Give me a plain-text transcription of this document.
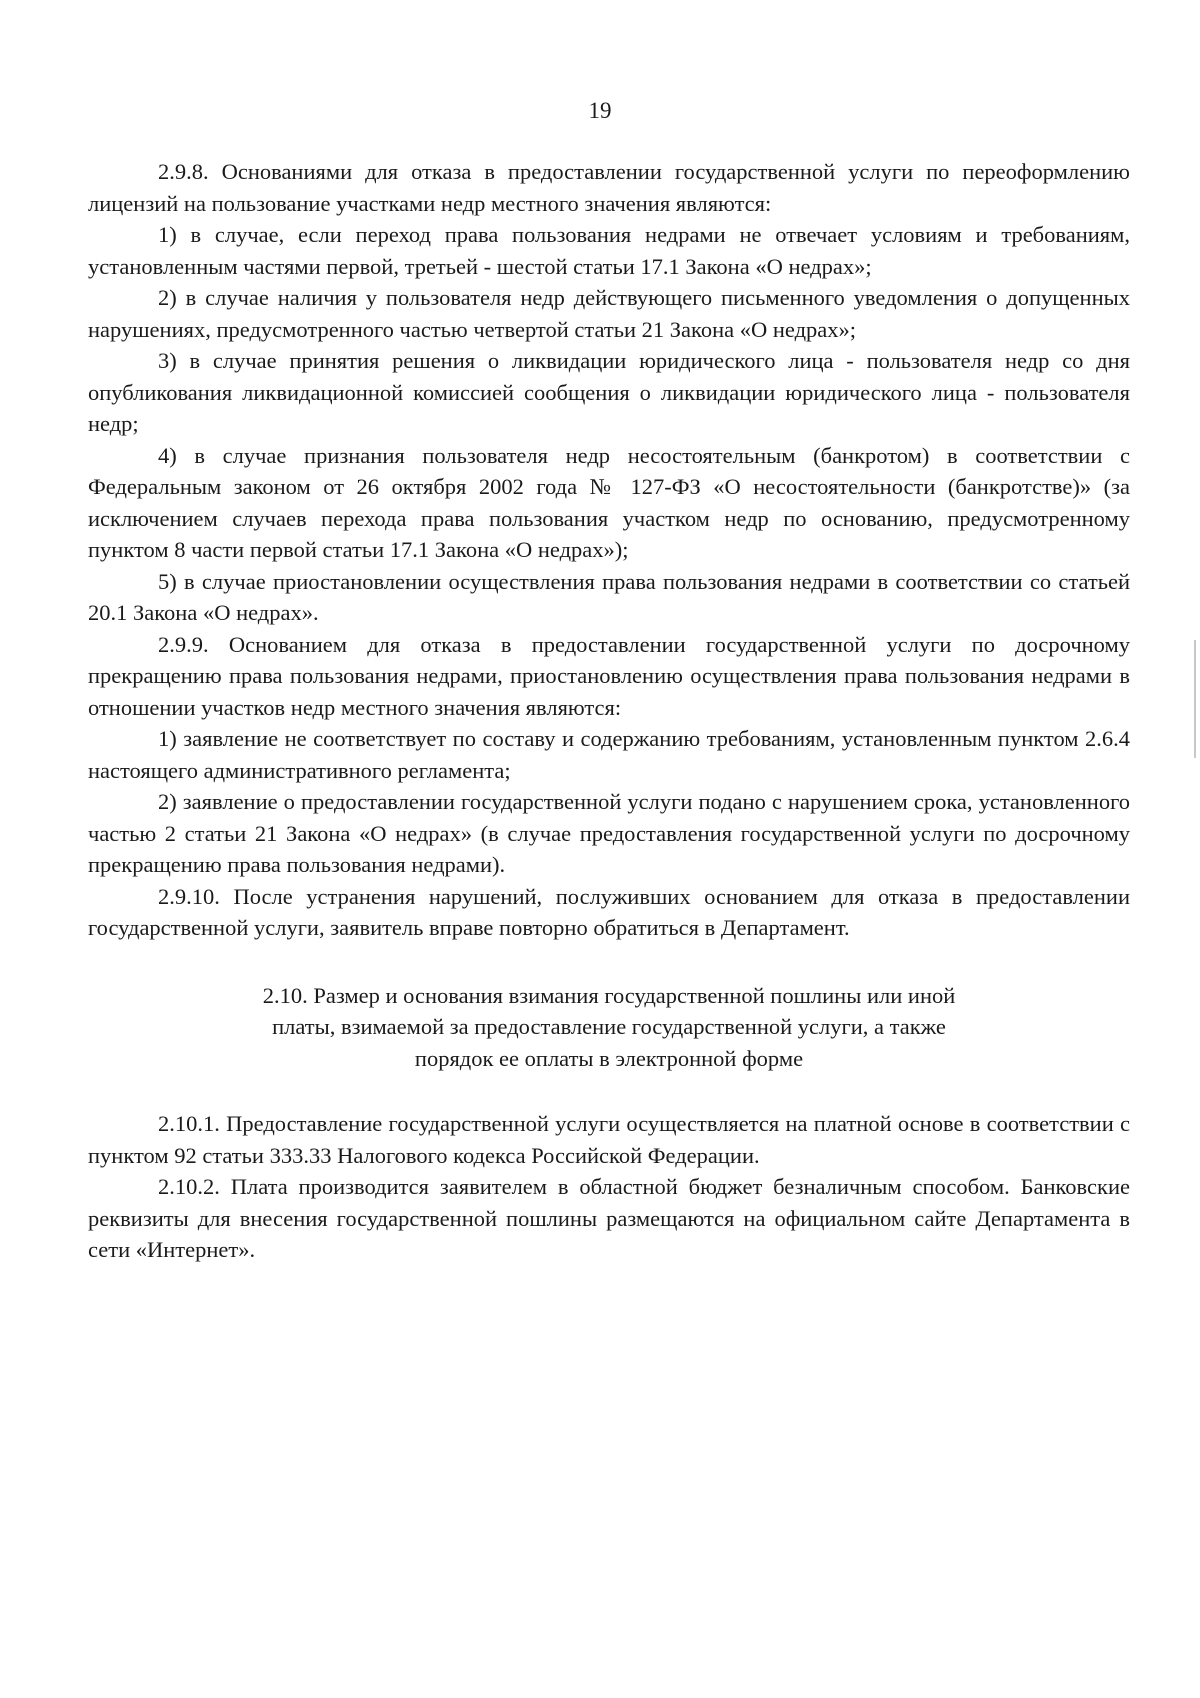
19

2.9.8. Основаниями для отказа в предоставлении государственной услуги по переоформлению лицензий на пользование участками недр местного значения являются:

1) в случае, если переход права пользования недрами не отвечает условиям и требованиям, установленным частями первой, третьей - шестой статьи 17.1 Закона «О недрах»;

2) в случае наличия у пользователя недр действующего письменного уведомления о допущенных нарушениях, предусмотренного частью четвертой статьи 21 Закона «О недрах»;

3) в случае принятия решения о ликвидации юридического лица - пользователя недр со дня опубликования ликвидационной комиссией сообщения о ликвидации юридического лица - пользователя недр;

4) в случае признания пользователя недр несостоятельным (банкротом) в соответствии с Федеральным законом от 26 октября 2002 года № 127-ФЗ «О несостоятельности (банкротстве)» (за исключением случаев перехода права пользования участком недр по основанию, предусмотренному пунктом 8 части первой статьи 17.1 Закона «О недрах»);

5) в случае приостановлении осуществления права пользования недрами в соответствии со статьей 20.1 Закона «О недрах».

2.9.9. Основанием для отказа в предоставлении государственной услуги по досрочному прекращению права пользования недрами, приостановлению осуществления права пользования недрами в отношении участков недр местного значения являются:

1) заявление не соответствует по составу и содержанию требованиям, установленным пунктом 2.6.4 настоящего административного регламента;

2) заявление о предоставлении государственной услуги подано с нарушением срока, установленного частью 2 статьи 21 Закона «О недрах» (в случае предоставления государственной услуги по досрочному прекращению права пользования недрами).

2.9.10. После устранения нарушений, послуживших основанием для отказа в предоставлении государственной услуги, заявитель вправе повторно обратиться в Департамент.

2.10. Размер и основания взимания государственной пошлины или иной платы, взимаемой за предоставление государственной услуги, а также порядок ее оплаты в электронной форме

2.10.1. Предоставление государственной услуги осуществляется на платной основе в соответствии с пунктом 92 статьи 333.33 Налогового кодекса Российской Федерации.

2.10.2. Плата производится заявителем в областной бюджет безналичным способом. Банковские реквизиты для внесения государственной пошлины размещаются на официальном сайте Департамента в сети «Интернет».
